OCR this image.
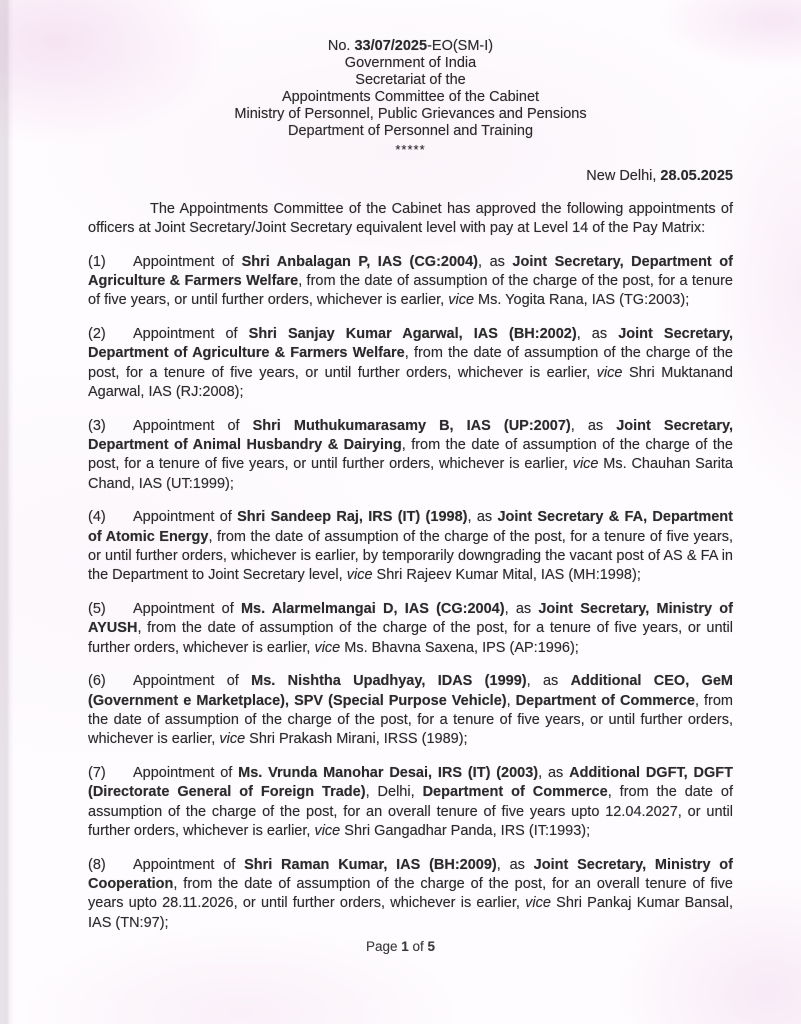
No. 33/07/2025-EO(SM-I)
Government of India
Secretariat of the
Appointments Committee of the Cabinet
Ministry of Personnel, Public Grievances and Pensions
Department of Personnel and Training
*****
New Delhi, 28.05.2025

The Appointments Committee of the Cabinet has approved the following appointments of officers at Joint Secretary/Joint Secretary equivalent level with pay at Level 14 of the Pay Matrix:

(1) Appointment of Shri Anbalagan P, IAS (CG:2004), as Joint Secretary, Department of Agriculture & Farmers Welfare, from the date of assumption of the charge of the post, for a tenure of five years, or until further orders, whichever is earlier, vice Ms. Yogita Rana, IAS (TG:2003);

(2) Appointment of Shri Sanjay Kumar Agarwal, IAS (BH:2002), as Joint Secretary, Department of Agriculture & Farmers Welfare, from the date of assumption of the charge of the post, for a tenure of five years, or until further orders, whichever is earlier, vice Shri Muktanand Agarwal, IAS (RJ:2008);

(3) Appointment of Shri Muthukumarasamy B, IAS (UP:2007), as Joint Secretary, Department of Animal Husbandry & Dairying, from the date of assumption of the charge of the post, for a tenure of five years, or until further orders, whichever is earlier, vice Ms. Chauhan Sarita Chand, IAS (UT:1999);

(4) Appointment of Shri Sandeep Raj, IRS (IT) (1998), as Joint Secretary & FA, Department of Atomic Energy, from the date of assumption of the charge of the post, for a tenure of five years, or until further orders, whichever is earlier, by temporarily downgrading the vacant post of AS & FA in the Department to Joint Secretary level, vice Shri Rajeev Kumar Mital, IAS (MH:1998);

(5) Appointment of Ms. Alarmelmangai D, IAS (CG:2004), as Joint Secretary, Ministry of AYUSH, from the date of assumption of the charge of the post, for a tenure of five years, or until further orders, whichever is earlier, vice Ms. Bhavna Saxena, IPS (AP:1996);

(6) Appointment of Ms. Nishtha Upadhyay, IDAS (1999), as Additional CEO, GeM (Government e Marketplace), SPV (Special Purpose Vehicle), Department of Commerce, from the date of assumption of the charge of the post, for a tenure of five years, or until further orders, whichever is earlier, vice Shri Prakash Mirani, IRSS (1989);

(7) Appointment of Ms. Vrunda Manohar Desai, IRS (IT) (2003), as Additional DGFT, DGFT (Directorate General of Foreign Trade), Delhi, Department of Commerce, from the date of assumption of the charge of the post, for an overall tenure of five years upto 12.04.2027, or until further orders, whichever is earlier, vice Shri Gangadhar Panda, IRS (IT:1993);

(8) Appointment of Shri Raman Kumar, IAS (BH:2009), as Joint Secretary, Ministry of Cooperation, from the date of assumption of the charge of the post, for an overall tenure of five years upto 28.11.2026, or until further orders, whichever is earlier, vice Shri Pankaj Kumar Bansal, IAS (TN:97);

Page 1 of 5
